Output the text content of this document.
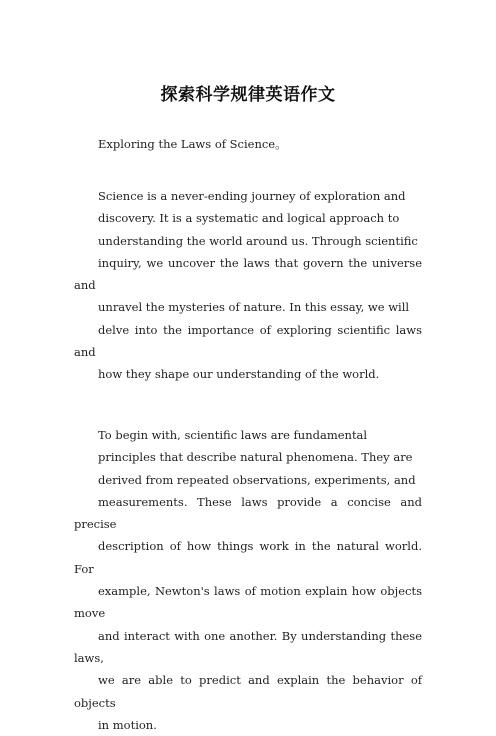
探索科学规律英语作文
Exploring the Laws of Science。
Science is a never-ending journey of exploration and
discovery. It is a systematic and logical approach to
understanding the world around us. Through scientific
inquiry, we uncover the laws that govern the universe and
unravel the mysteries of nature. In this essay, we will
delve into the importance of exploring scientific laws and
how they shape our understanding of the world.
To begin with, scientific laws are fundamental
principles that describe natural phenomena. They are
derived from repeated observations, experiments, and
measurements. These laws provide a concise and precise
description of how things work in the natural world. For
example, Newton's laws of motion explain how objects move
and interact with one another. By understanding these laws,
we are able to predict and explain the behavior of objects
in motion.
